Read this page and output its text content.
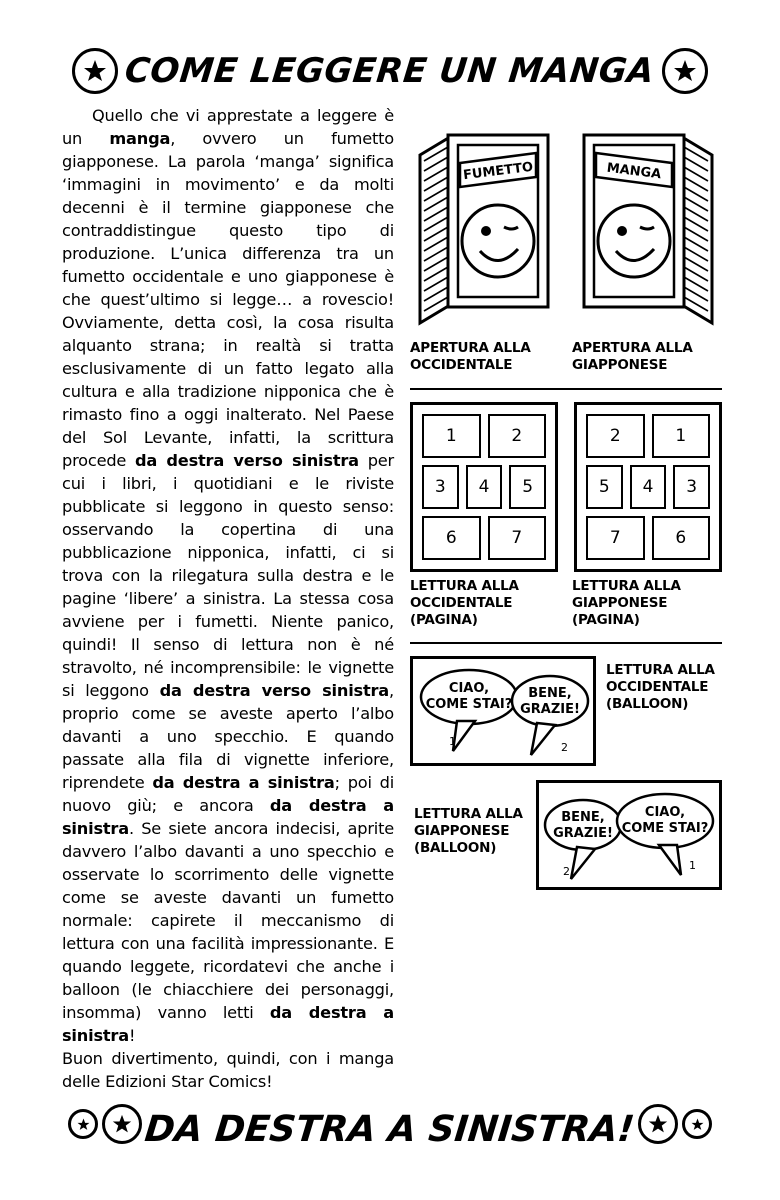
COME LEGGERE UN MANGA

Quello che vi apprestate a leggere è un manga, ovvero un fumetto giapponese. La parola ‘manga’ significa ‘immagini in movimento’ e da molti decenni è il termine giapponese che contraddistingue questo tipo di produzione. L’unica differenza tra un fumetto occidentale e uno giapponese è che quest’ultimo si legge… a rovescio! Ovviamente, detta così, la cosa risulta alquanto strana; in realtà si tratta esclusivamente di un fatto legato alla cultura e alla tradizione nipponica che è rimasto fino a oggi inalterato. Nel Paese del Sol Levante, infatti, la scrittura procede da destra verso sinistra per cui i libri, i quotidiani e le riviste pubblicate si leggono in questo senso: osservando la copertina di una pubblicazione nipponica, infatti, ci si trova con la rilegatura sulla destra e le pagine ‘libere’ a sinistra. La stessa cosa avviene per i fumetti. Niente panico, quindi! Il senso di lettura non è né stravolto, né incomprensibile: le vignette si leggono da destra verso sinistra, proprio come se aveste aperto l’albo davanti a uno specchio. E quando passate alla fila di vignette inferiore, riprendete da destra a sinistra; poi di nuovo giù; e ancora da destra a sinistra. Se siete ancora indecisi, aprite davvero l’albo davanti a uno specchio e osservate lo scorrimento delle vignette come se aveste davanti un fumetto normale: capirete il meccanismo di lettura con una facilità impressionante. E quando leggete, ricordatevi che anche i balloon (le chiacchiere dei personaggi, insomma) vanno letti da destra a sinistra!

Buon divertimento, quindi, con i manga delle Edizioni Star Comics!

FUMETTO	MANGA
APERTURA ALLA OCCIDENTALE
APERTURA ALLA GIAPPONESE
1	2
3	4	5
6	7
2	1
5	4	3
7	6
LETTURA ALLA OCCIDENTALE (PAGINA)
LETTURA ALLA GIAPPONESE (PAGINA)
CIAO,
COME STAI?
1
BENE,
GRAZIE!
2
LETTURA ALLA OCCIDENTALE (BALLOON)
LETTURA ALLA GIAPPONESE (BALLOON)
BENE,
GRAZIE!
2
CIAO,
COME STAI?
1
DA DESTRA A SINISTRA!
